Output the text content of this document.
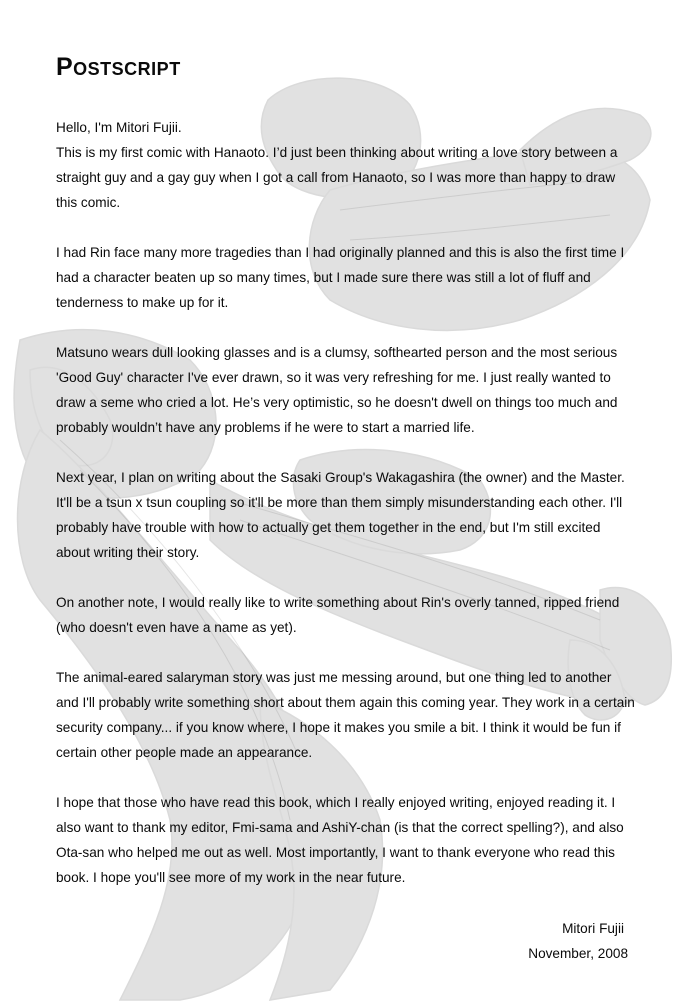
Postscript

Hello, I'm Mitori Fujii.

This is my first comic with Hanaoto. I’d just been thinking about writing a love story between a straight guy and a gay guy when I got a call from Hanaoto, so I was more than happy to draw this comic.

I had Rin face many more tragedies than I had originally planned and this is also the first time I had a character beaten up so many times, but I made sure there was still a lot of fluff and tenderness to make up for it.

Matsuno wears dull looking glasses and is a clumsy, softhearted person and the most serious 'Good Guy' character I've ever drawn, so it was very refreshing for me. I just really wanted to draw a seme who cried a lot. He’s very optimistic, so he doesn't dwell on things too much and probably wouldn’t have any problems if he were to start a married life.

Next year, I plan on writing about the Sasaki Group's Wakagashira (the owner) and the Master. It'll be a tsun x tsun coupling so it'll be more than them simply misunderstanding each other. I'll probably have trouble with how to actually get them together in the end, but I'm still excited about writing their story.

On another note, I would really like to write something about Rin's overly tanned, ripped friend (who doesn't even have a name as yet).

The animal-eared salaryman story was just me messing around, but one thing led to another and I'll probably write something short about them again this coming year. They work in a certain security company... if you know where, I hope it makes you smile a bit. I think it would be fun if certain other people made an appearance.

I hope that those who have read this book, which I really enjoyed writing, enjoyed reading it. I also want to thank my editor, Fmi-sama and AshiY-chan (is that the correct spelling?), and also Ota-san who helped me out as well. Most importantly, I want to thank everyone who read this book. I hope you'll see more of my work in the near future.

Mitori Fujii
November, 2008
